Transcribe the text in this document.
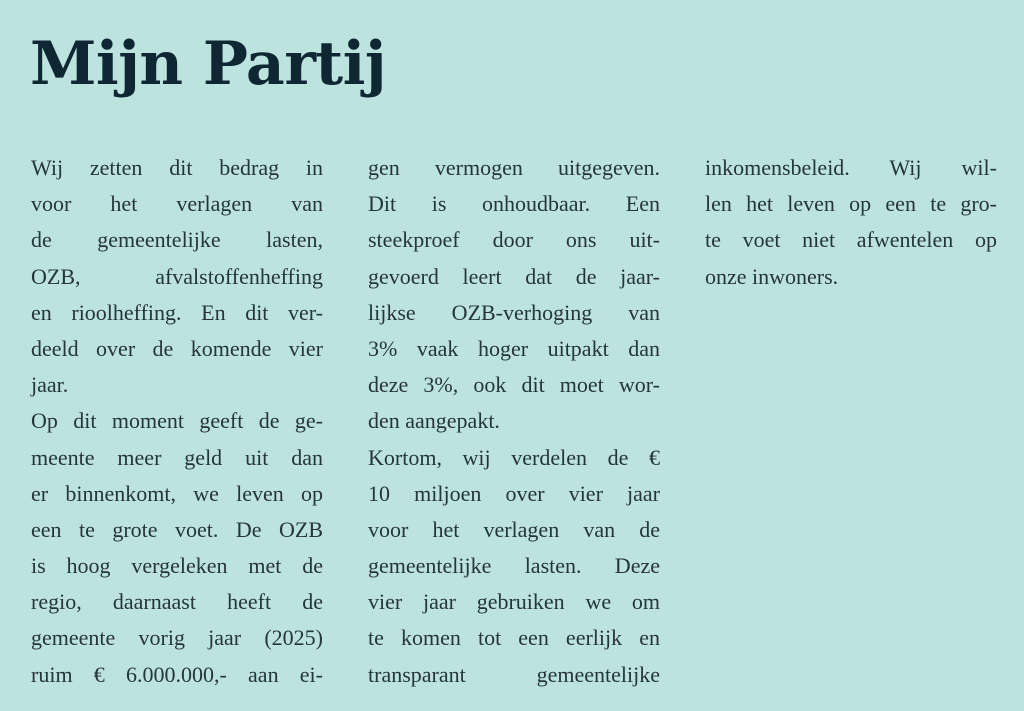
Mijn Partij
Wij zetten dit bedrag in
voor het verlagen van
de gemeentelijke lasten,
OZB, afvalstoffenheffing
en rioolheffing. En dit ver-
deeld over de komende vier
jaar.
Op dit moment geeft de ge-
meente meer geld uit dan
er binnenkomt, we leven op
een te grote voet. De OZB
is hoog vergeleken met de
regio, daarnaast heeft de
gemeente vorig jaar (2025)
ruim € 6.000.000,- aan ei-
gen vermogen uitgegeven.
Dit is onhoudbaar. Een
steekproef door ons uit-
gevoerd leert dat de jaar-
lijkse OZB-verhoging van
3% vaak hoger uitpakt dan
deze 3%, ook dit moet wor-
den aangepakt.
Kortom, wij verdelen de €
10 miljoen over vier jaar
voor het verlagen van de
gemeentelijke lasten. Deze
vier jaar gebruiken we om
te komen tot een eerlijk en
transparant gemeentelijke
inkomensbeleid. Wij wil-
len het leven op een te gro-
te voet niet afwentelen op
onze inwoners.
